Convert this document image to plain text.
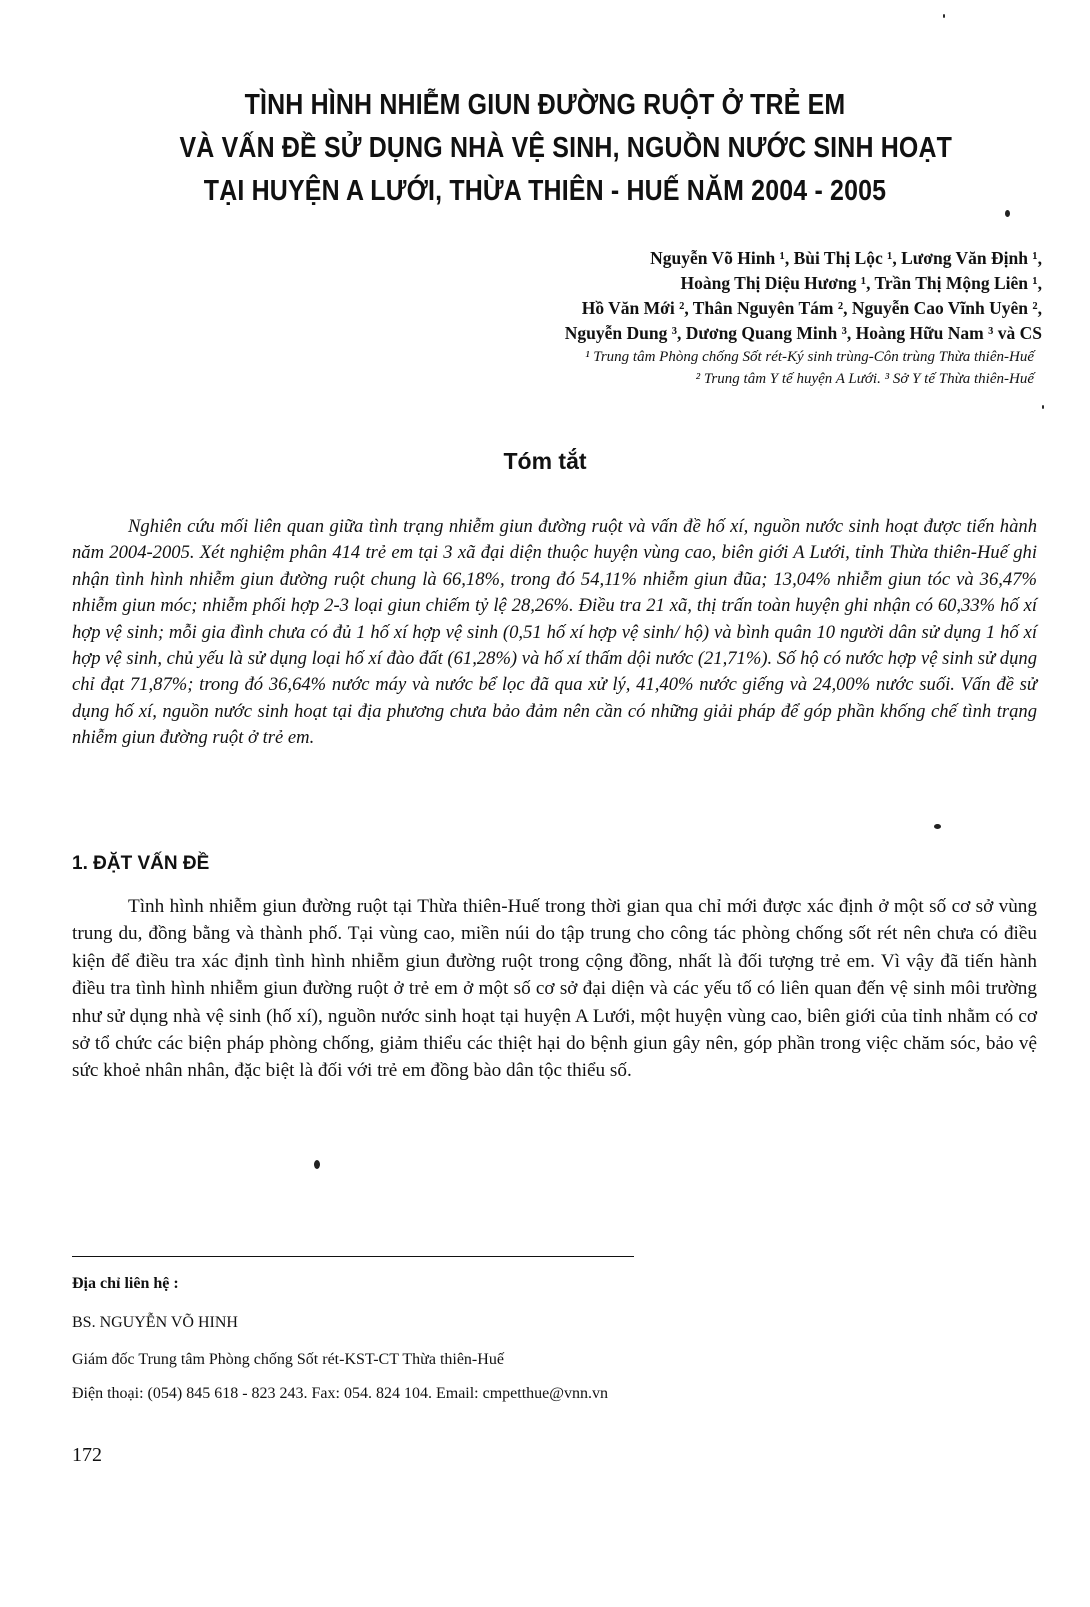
TÌNH HÌNH NHIỄM GIUN ĐƯỜNG RUỘT Ở TRẺ EM
VÀ VẤN ĐỀ SỬ DỤNG NHÀ VỆ SINH, NGUỒN NƯỚC SINH HOẠT
TẠI HUYỆN A LƯỚI, THỪA THIÊN - HUẾ NĂM 2004 - 2005
Nguyễn Võ Hinh ¹, Bùi Thị Lộc ¹, Lương Văn Định ¹,
Hoàng Thị Diệu Hương ¹, Trần Thị Mộng Liên ¹,
Hồ Văn Mới ², Thân Nguyên Tám ², Nguyễn Cao Vĩnh Uyên ²,
Nguyễn Dung ³, Dương Quang Minh ³, Hoàng Hữu Nam ³ và CS
¹ Trung tâm Phòng chống Sốt rét-Ký sinh trùng-Côn trùng Thừa thiên-Huế
² Trung tâm Y tế huyện A Lưới. ³ Sở Y tế Thừa thiên-Huế
Tóm tắt
Nghiên cứu mối liên quan giữa tình trạng nhiễm giun đường ruột và vấn đề hố xí, nguồn nước sinh hoạt được tiến hành năm 2004-2005. Xét nghiệm phân 414 trẻ em tại 3 xã đại diện thuộc huyện vùng cao, biên giới A Lưới, tỉnh Thừa thiên-Huế ghi nhận tình hình nhiễm giun đường ruột chung là 66,18%, trong đó 54,11% nhiễm giun đũa; 13,04% nhiễm giun tóc và 36,47% nhiễm giun móc; nhiễm phối hợp 2-3 loại giun chiếm tỷ lệ 28,26%. Điều tra 21 xã, thị trấn toàn huyện ghi nhận có 60,33% hố xí hợp vệ sinh; mỗi gia đình chưa có đủ 1 hố xí hợp vệ sinh (0,51 hố xí hợp vệ sinh/ hộ) và bình quân 10 người dân sử dụng 1 hố xí hợp vệ sinh, chủ yếu là sử dụng loại hố xí đào đất (61,28%) và hố xí thấm dội nước (21,71%). Số hộ có nước hợp vệ sinh sử dụng chỉ đạt 71,87%; trong đó 36,64% nước máy và nước bể lọc đã qua xử lý, 41,40% nước giếng và 24,00% nước suối. Vấn đề sử dụng hố xí, nguồn nước sinh hoạt tại địa phương chưa bảo đảm nên cần có những giải pháp để góp phần khống chế tình trạng nhiễm giun đường ruột ở trẻ em.
1. ĐẶT VẤN ĐỀ
Tình hình nhiễm giun đường ruột tại Thừa thiên-Huế trong thời gian qua chỉ mới được xác định ở một số cơ sở vùng trung du, đồng bằng và thành phố. Tại vùng cao, miền núi do tập trung cho công tác phòng chống sốt rét nên chưa có điều kiện để điều tra xác định tình hình nhiễm giun đường ruột trong cộng đồng, nhất là đối tượng trẻ em. Vì vậy đã tiến hành điều tra tình hình nhiễm giun đường ruột ở trẻ em ở một số cơ sở đại diện và các yếu tố có liên quan đến vệ sinh môi trường như sử dụng nhà vệ sinh (hố xí), nguồn nước sinh hoạt tại huyện A Lưới, một huyện vùng cao, biên giới của tỉnh nhằm có cơ sở tổ chức các biện pháp phòng chống, giảm thiểu các thiệt hại do bệnh giun gây nên, góp phần trong việc chăm sóc, bảo vệ sức khoẻ nhân nhân, đặc biệt là đối với trẻ em đồng bào dân tộc thiểu số.
Địa chỉ liên hệ :
BS. NGUYỄN VÕ HINH
Giám đốc Trung tâm Phòng chống Sốt rét-KST-CT Thừa thiên-Huế
Điện thoại: (054) 845 618 - 823 243. Fax: 054. 824 104. Email: cmpetthue@vnn.vn
172
